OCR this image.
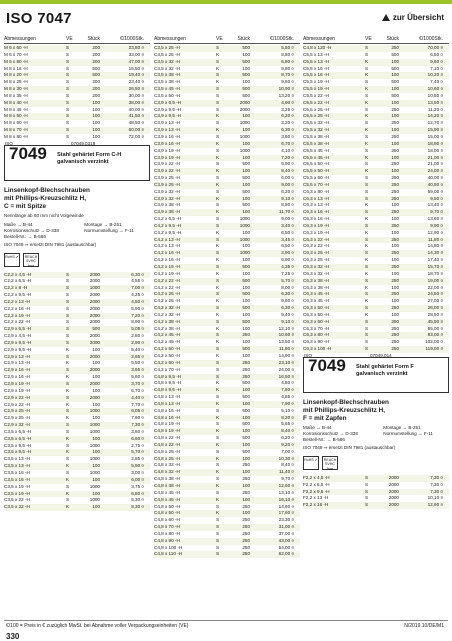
ISO 7047	zur Übersicht
Abmessungen	VE	Stück	€/1000Stk.
M 6 x 60 -H	S	200	23,80 ¤
M 6 x 70 -H	S	200	33,00 ¤
M 6 x 80 -H	S	200	47,00 ¤
M 8 x 16 -H	S	500	15,50 ¤
M 8 x 20 -H	S	500	19,40 ¤
M 8 x 25 -H	S	200	23,40 ¤
M 8 x 30 -H	S	200	26,50 ¤
M 8 x 35 -H	S	200	30,00 ¤
M 8 x 40 -H	S	100	38,00 ¤
M 8 x 45 -H	S	100	40,00 ¤
M 8 x 50 -H	S	100	41,50 ¤
M 8 x 60 -H	S	100	48,50 ¤
M 8 x 70 -H	S	100	60,00 ¤
M 8 x 80 -H	S	100	72,00 ¤
ISO	07049.0319
7049 Stahl gehärtet Form C-H
galvanisch verzinkt
Linsenkopf-Blechschrauben
mit Phillips-Kreuzschlitz H,
C = mit Spitze
Nennlänge ab 60 mm nicht Volgewinde
Maße → B-44
Korrosionsschutz → D-338
Bestell-Nr.: → B-566
Montage → B-251
Normumstellung → F-11
ISO 7049 ⇒ ersetzt DIN 7981 (austauschbar)
RoHS ✔	REACH SVHC free
C2,2 x 4,5 -H	S	2000	6,30 ¤
C2,2 x 6,5 -H	S	2000	4,55 ¤
C2,2 x 8 -H	S	1000	7,00 ¤
C2,2 x 9,5 -H	S	2000	4,25 ¤
C2,2 x 13 -H	S	2000	4,50 ¤
C2,2 x 16 -H	S	2000	5,90 ¤
C2,2 x 19 -H	S	2000	7,20 ¤
C2,2 x 22 -H	S	2000	8,90 ¤
C2,9 x 6,5 -H	S	500	5,05 ¤
C2,9 x 4,5 -H	S	2000	2,80 ¤
C2,9 x 9,5 -H	S	2000	2,90 ¤
C2,9 x 9,5 -H	K	100	5,40 ¤
C2,9 x 13 -H	S	2000	2,65 ¤
C2,9 x 13 -H	K	100	5,50 ¤
C2,9 x 16 -H	S	2000	3,65 ¤
C2,9 x 16 -H	K	100	5,60 ¤
C2,9 x 19 -H	S	2000	3,70 ¤
C2,9 x 19 -H	K	100	6,70 ¤
C2,9 x 22 -H	S	2000	4,40 ¤
C2,9 x 22 -H	K	100	7,70 ¤
C2,9 x 25 -H	S	1000	6,05 ¤
C2,9 x 25 -H	K	100	7,90 ¤
C2,9 x 32 -H	S	1000	7,30 ¤
C3,5 x 6,5 -H	S	1000	3,60 ¤
C3,5 x 6,5 -H	K	100	6,60 ¤
C3,5 x 9,5 -H	S	1000	2,75 ¤
C3,5 x 9,5 -H	K	100	5,70 ¤
C3,5 x 13 -H	S	1000	2,85 ¤
C3,5 x 13 -H	K	100	5,90 ¤
C3,5 x 16 -H	S	1000	3,00 ¤
C3,5 x 16 -H	K	100	6,00 ¤
C3,5 x 19 -H	S	1000	3,75 ¤
C3,5 x 19 -H	K	100	6,80 ¤
C3,5 x 22 -H	S	1000	5,30 ¤
C3,5 x 22 -H	K	100	8,30 ¤
Abmessungen	VE	Stück	€/1000Stk.
C3,5 x 25 -H	S	500	5,50 ¤
C3,5 x 25 -H	K	100	8,80 ¤
C3,5 x 32 -H	S	500	6,80 ¤
C3,5 x 32 -H	K	100	9,80 ¤
C3,5 x 38 -H	S	500	8,70 ¤
C3,5 x 38 -H	K	100	9,60 ¤
C3,5 x 45 -H	S	500	10,90 ¤
C3,5 x 50 -H	S	500	13,20 ¤
C3,9 x 6,5 -H	S	2000	4,90 ¤
C3,9 x 9,5 -H	S	2000	3,25 ¤
C3,9 x 9,5 -H	K	100	6,20 ¤
C3,9 x 13 -H	S	1000	3,20 ¤
C3,9 x 13 -H	K	100	6,30 ¤
C3,9 x 16 -H	S	1000	3,60 ¤
C3,9 x 16 -H	K	100	6,70 ¤
C3,9 x 19 -H	S	1000	4,10 ¤
C3,9 x 19 -H	K	100	7,20 ¤
C3,9 x 22 -H	S	500	5,90 ¤
C3,9 x 22 -H	K	100	8,40 ¤
C3,9 x 25 -H	S	500	6,00 ¤
C3,9 x 25 -H	K	100	9,00 ¤
C3,9 x 32 -H	S	500	6,20 ¤
C3,9 x 32 -H	K	100	9,10 ¤
C3,9 x 38 -H	S	500	8,80 ¤
C3,9 x 38 -H	K	100	11,70 ¤
C4,2 x 6,5 -H	S	1000	9,00 ¤
C4,2 x 9,5 -H	S	1000	3,40 ¤
C4,2 x 9,5 -H	K	100	6,50 ¤
C4,2 x 13 -H	S	1000	3,45 ¤
C4,2 x 13 -H	K	100	6,50 ¤
C4,2 x 16 -H	S	1000	3,90 ¤
C4,2 x 16 -H	K	100	6,90 ¤
C4,2 x 19 -H	S	500	4,35 ¤
C4,2 x 19 -H	K	100	7,25 ¤
C4,2 x 22 -H	S	500	5,70 ¤
C4,2 x 22 -H	K	100	8,00 ¤
C4,2 x 25 -H	S	500	6,30 ¤
C4,2 x 25 -H	K	100	9,60 ¤
C4,2 x 32 -H	S	500	6,30 ¤
C4,2 x 32 -H	K	100	9,40 ¤
C4,2 x 38 -H	S	500	9,10 ¤
C4,2 x 38 -H	K	100	12,10 ¤
C4,2 x 45 -H	S	250	10,60 ¤
C4,2 x 45 -H	K	100	13,50 ¤
C4,2 x 50 -H	S	500	11,90 ¤
C4,2 x 50 -H	K	100	14,90 ¤
C4,2 x 60 -H	S	250	23,10 ¤
C4,2 x 70 -H	S	250	24,00 ¤
C4,8 x 9,5 -H	S	250	16,50 ¤
C4,8 x 9,5 -H	K	500	4,80 ¤
C4,8 x 9,5 -H	K	100	7,80 ¤
C4,8 x 13 -H	S	500	4,85 ¤
C4,8 x 13 -H	K	100	7,90 ¤
C4,8 x 16 -H	S	500	5,10 ¤
C4,8 x 16 -H	K	100	8,20 ¤
C4,8 x 19 -H	S	500	5,65 ¤
C4,8 x 19 -H	K	100	8,40 ¤
C4,8 x 22 -H	S	500	6,20 ¤
C4,8 x 22 -H	K	100	9,20 ¤
C4,8 x 25 -H	S	500	7,00 ¤
C4,8 x 25 -H	K	100	10,30 ¤
C4,8 x 32 -H	S	250	8,40 ¤
C4,8 x 32 -H	K	100	11,40 ¤
C4,8 x 38 -H	S	250	9,70 ¤
C4,8 x 38 -H	K	100	12,60 ¤
C4,8 x 45 -H	S	250	13,10 ¤
C4,8 x 45 -H	K	100	16,10 ¤
C4,8 x 50 -H	S	250	14,60 ¤
C4,8 x 50 -H	K	100	17,60 ¤
C4,8 x 60 -H	S	250	23,30 ¤
C4,8 x 70 -H	S	250	31,00 ¤
C4,8 x 80 -H	S	250	37,00 ¤
C4,8 x 90 -H	S	250	43,00 ¤
C4,8 x 100 -H	S	250	54,00 ¤
C4,8 x 110 -H	S	250	62,00 ¤
Abmessungen	VE	Stück	€/1000Stk.
C4,8 x 120 -H	S	250	70,00 ¤
C5,5 x 13 -H	S	500	6,50 ¤
C5,5 x 13 -H	K	100	9,60 ¤
C5,5 x 16 -H	S	500	7,10 ¤
C5,5 x 16 -H	K	100	10,20 ¤
C5,5 x 19 -H	S	500	7,40 ¤
C5,5 x 19 -H	K	100	10,60 ¤
C5,5 x 22 -H	S	500	10,50 ¤
C5,5 x 22 -H	K	100	13,50 ¤
C5,5 x 25 -H	S	250	11,20 ¤
C5,5 x 25 -H	K	100	14,20 ¤
C5,5 x 32 -H	S	250	12,70 ¤
C5,5 x 32 -H	K	100	15,90 ¤
C5,5 x 38 -H	S	250	15,00 ¤
C5,5 x 38 -H	K	100	18,90 ¤
C5,5 x 45 -H	S	250	18,00 ¤
C5,5 x 45 -H	K	100	21,00 ¤
C5,5 x 50 -H	S	250	21,00 ¤
C5,5 x 50 -H	K	100	24,00 ¤
C5,5 x 60 -H	S	250	40,00 ¤
C5,5 x 70 -H	S	250	40,50 ¤
C6,3 x 80 -H	S	250	59,00 ¤
C6,3 x 13 -H	S	250	9,50 ¤
C6,3 x 13 -H	K	100	13,40 ¤
C6,3 x 16 -H	S	250	9,70 ¤
C6,3 x 16 -H	K	100	13,60 ¤
C6,3 x 19 -H	S	250	9,90 ¤
C6,3 x 19 -H	K	100	12,90 ¤
C6,3 x 22 -H	S	250	11,80 ¤
C6,3 x 22 -H	K	100	14,80 ¤
C6,3 x 25 -H	S	250	14,30 ¤
C6,3 x 25 -H	K	100	17,40 ¤
C6,3 x 32 -H	S	250	15,70 ¤
C6,3 x 32 -H	K	100	18,70 ¤
C6,3 x 38 -H	S	250	19,00 ¤
C6,3 x 38 -H	K	100	22,00 ¤
C6,3 x 45 -H	S	250	24,50 ¤
C6,3 x 45 -H	K	100	27,00 ¤
C6,3 x 50 -H	S	250	26,00 ¤
C6,3 x 50 -H	K	100	28,50 ¤
C6,3 x 60 -H	S	250	45,50 ¤
C6,3 x 70 -H	S	250	65,00 ¤
C6,3 x 80 -H	S	250	83,00 ¤
C6,3 x 90 -H	S	250	102,00 ¤
C6,3 x 100 -H	S	250	119,00 ¤
ISO	07049.014
7049 Stahl gehärtet Form F
galvanisch verzinkt
Linsenkopf-Blechschrauben
mit Phillips-Kreuzschlitz H,
F = mit Zapfen
Maße → B-44
Korrosionsschutz → D-338
Bestell-Nr.: → B-566
Montage → B-251
Normumstellung → F-11
ISO 7049 ⇒ ersetzt DIN 7981 (austauschbar)
RoHS ✔	REACH SVHC free
F2,2 x 4,5 -H	S	2000	7,30 ¤
F2,2 x 6,5 -H	S	2000	7,30 ¤
F2,2 x 9,5 -H	S	2000	7,30 ¤
F2,2 x 13 -H	S	2000	10,10 ¤
F2,2 x 16 -H	S	2000	12,60 ¤
€/100 = Preis in € zuzüglich MwSt. bei Abnahme voller Verpackungseinheiten (VE)	N/2019.10/DE/M1
330
